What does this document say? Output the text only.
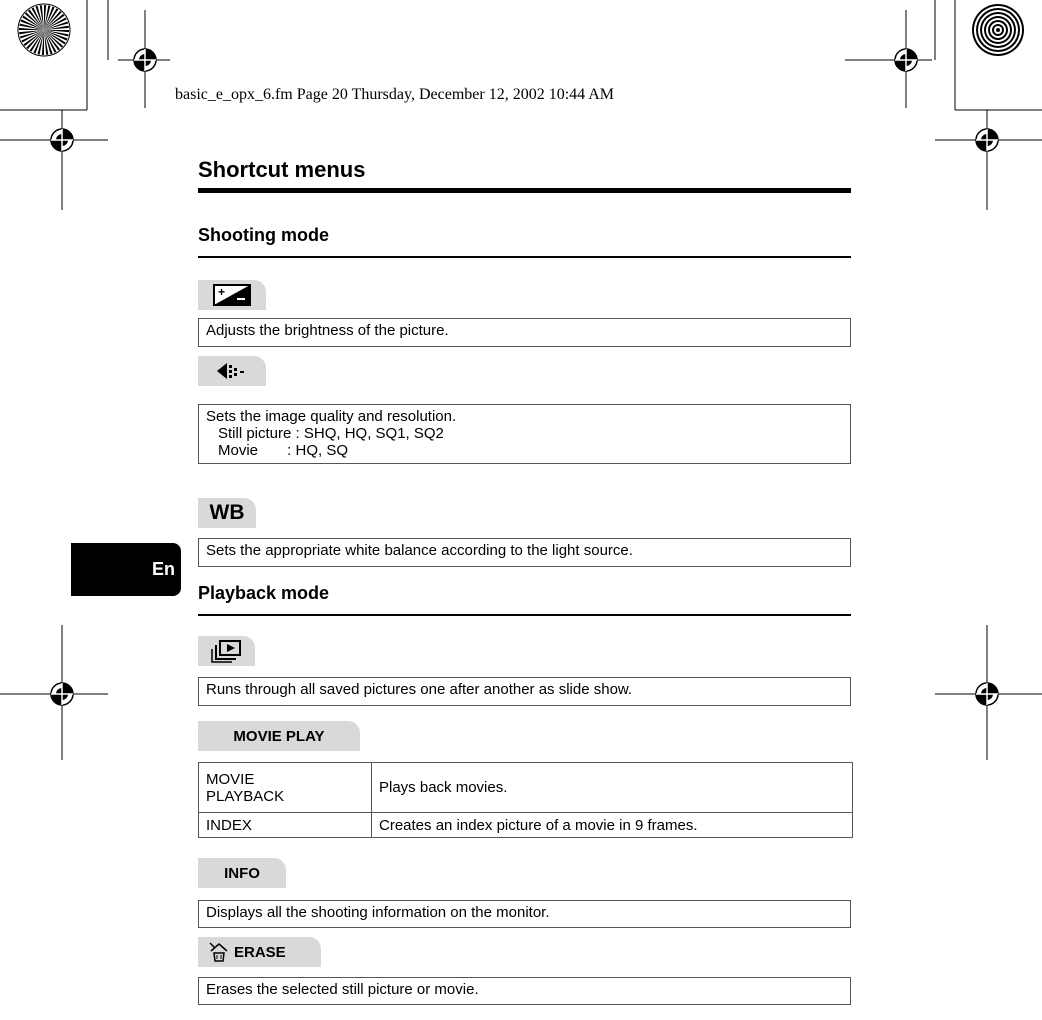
basic_e_opx_6.fm Page 20 Thursday, December 12, 2002 10:44 AM
Shortcut menus
Shooting mode
+
Adjusts the brightness of the picture.
Sets the image quality and resolution.
Still picture : SHQ, HQ, SQ1, SQ2
Movie       : HQ, SQ
WB
Sets the appropriate white balance according to the light source.
En
Playback mode
Runs through all saved pictures one after another as slide show.
MOVIE PLAY
MOVIE
PLAYBACK	Plays back movies.
INDEX	Creates an index picture of a movie in 9 frames.
INFO
Displays all the shooting information on the monitor.
ERASE
Erases the selected still picture or movie.
